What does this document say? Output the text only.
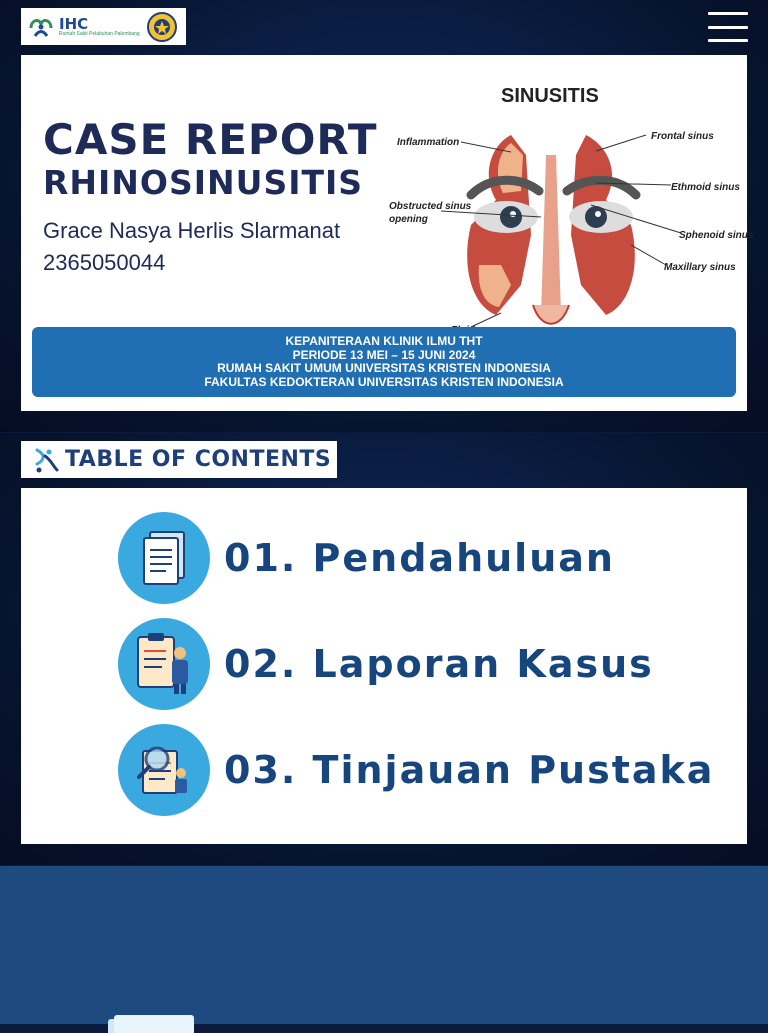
IHC
Rumah Sakit Pelabuhan Palembang
CASE REPORT
RHINOSINUSITIS
Grace Nasya Herlis Slarmanat
2365050044
SINUSITIS
Inflammation
Obstructed sinus
opening
Frontal sinus
Ethmoid sinus
Sphenoid sinus
Maxillary sinus
KEPANITERAAN KLINIK ILMU THT
PERIODE 13 MEI – 15 JUNI 2024
RUMAH SAKIT UMUM UNIVERSITAS KRISTEN INDONESIA
FAKULTAS KEDOKTERAN UNIVERSITAS KRISTEN INDONESIA
TABLE OF CONTENTS
01. Pendahuluan
02. Laporan Kasus
03. Tinjauan Pustaka
